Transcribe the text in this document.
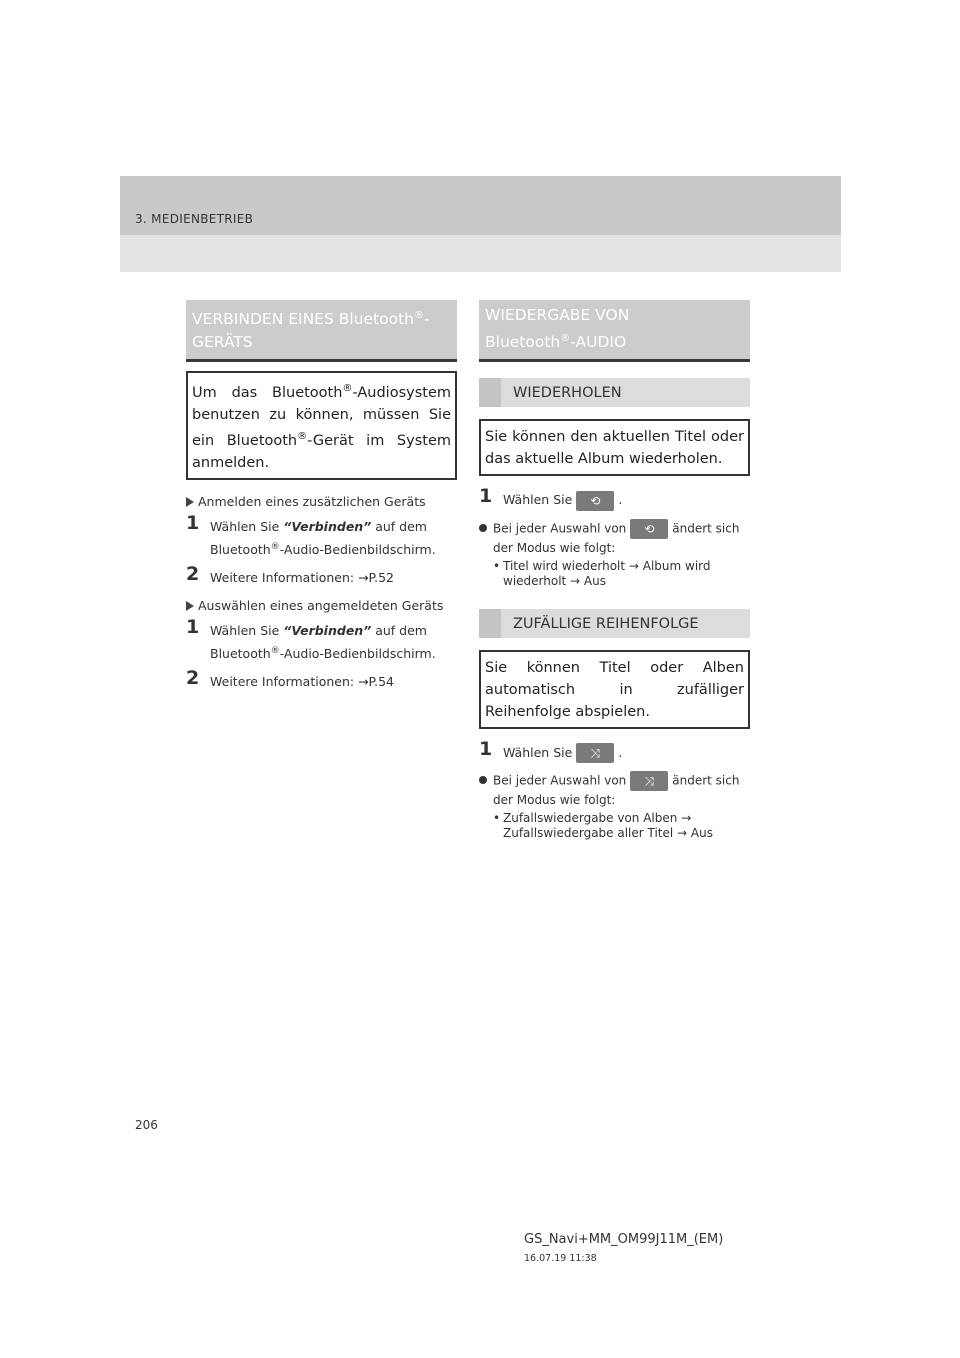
3. MEDIENBETRIEB
VERBINDEN EINES Bluetooth®-
GERÄTS
Um das Bluetooth®-Audiosystem benutzen zu können, müssen Sie ein Bluetooth®-Gerät im System anmelden.
Anmelden eines zusätzlichen Geräts
1 Wählen Sie “Verbinden” auf dem Bluetooth®-Audio-Bedienbildschirm.
2 Weitere Informationen: →P.52
Auswählen eines angemeldeten Geräts
1 Wählen Sie “Verbinden” auf dem Bluetooth®-Audio-Bedienbildschirm.
2 Weitere Informationen: →P.54
WIEDERGABE VON
Bluetooth®-AUDIO
WIEDERHOLEN
Sie können den aktuellen Titel oder das aktuelle Album wiederholen.
1 Wählen Sie	⟲	.
Bei jeder Auswahl von	⟲	ändert sich der Modus wie folgt:
• Titel wird wiederholt → Album wird wiederholt → Aus
ZUFÄLLIGE REIHENFOLGE
Sie können Titel oder Alben automatisch in zufälliger Reihenfolge abspielen.
1 Wählen Sie	⤨	.
Bei jeder Auswahl von	⤨	ändert sich der Modus wie folgt:
• Zufallswiedergabe von Alben → Zufallswiedergabe aller Titel → Aus
206
GS_Navi+MM_OM99J11M_(EM)
16.07.19 11:38
